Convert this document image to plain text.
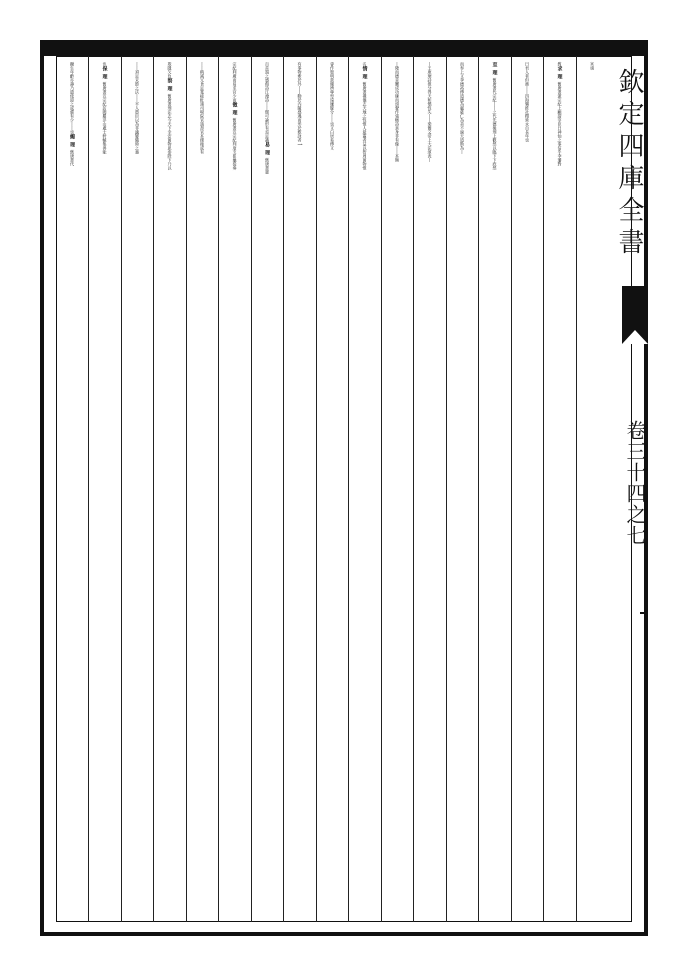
欽定四庫全書
卷三十四之七
宾頑
敎求理舊唐書憲宗紀上顧謂宰臣曰神仙之事信乎李藩對
曰君人者但務丨丨四海樂推社稷延永自長年也
至理舊唐書代宗紀丨丨之代先德後刑上歡然以臨下下欣然
而奉上又李德裕傳道德為麗慈仁為美不過天道斯為丨
丨王康琚詩推分得天和矯性失丨丨梁簡文帝上大法頌表丨
丨隆而德音闡成功臻而頌聲作張蠙詩真身非有像丨丨本無
名情理舊唐書禮儀志天地之性惟人最靈者益以智周萬物惟
睿作聖明貴賤辨尊卑遠嫌疑分丨丨也又白居易傳又
有事物牽於外丨丨動於内隨感遇而形於歎詠者一
百首謂之感傷詩江淹詩丨丨儻可論形有焉足識易理舊唐書憲
宗紀利廣而易求官少而徵理舊唐書宣宗紀判度支崔龜從奏
丨丨稍減冗食足寬疲甿諸司場院官請却官本錢後或有
欺隱欠負察理舊唐書刑法志今天下幸安萬物思泰陛下乃以
丨丨須足末節之法丨丨平人愚臣以為非適變隨時之義
也保理舊唐書宣宗紀訪聞羅浮山處士軒轅集善能
攝生年齡亦壽乃遣使迎之或冀有少丨丨也燭理舊唐書代
